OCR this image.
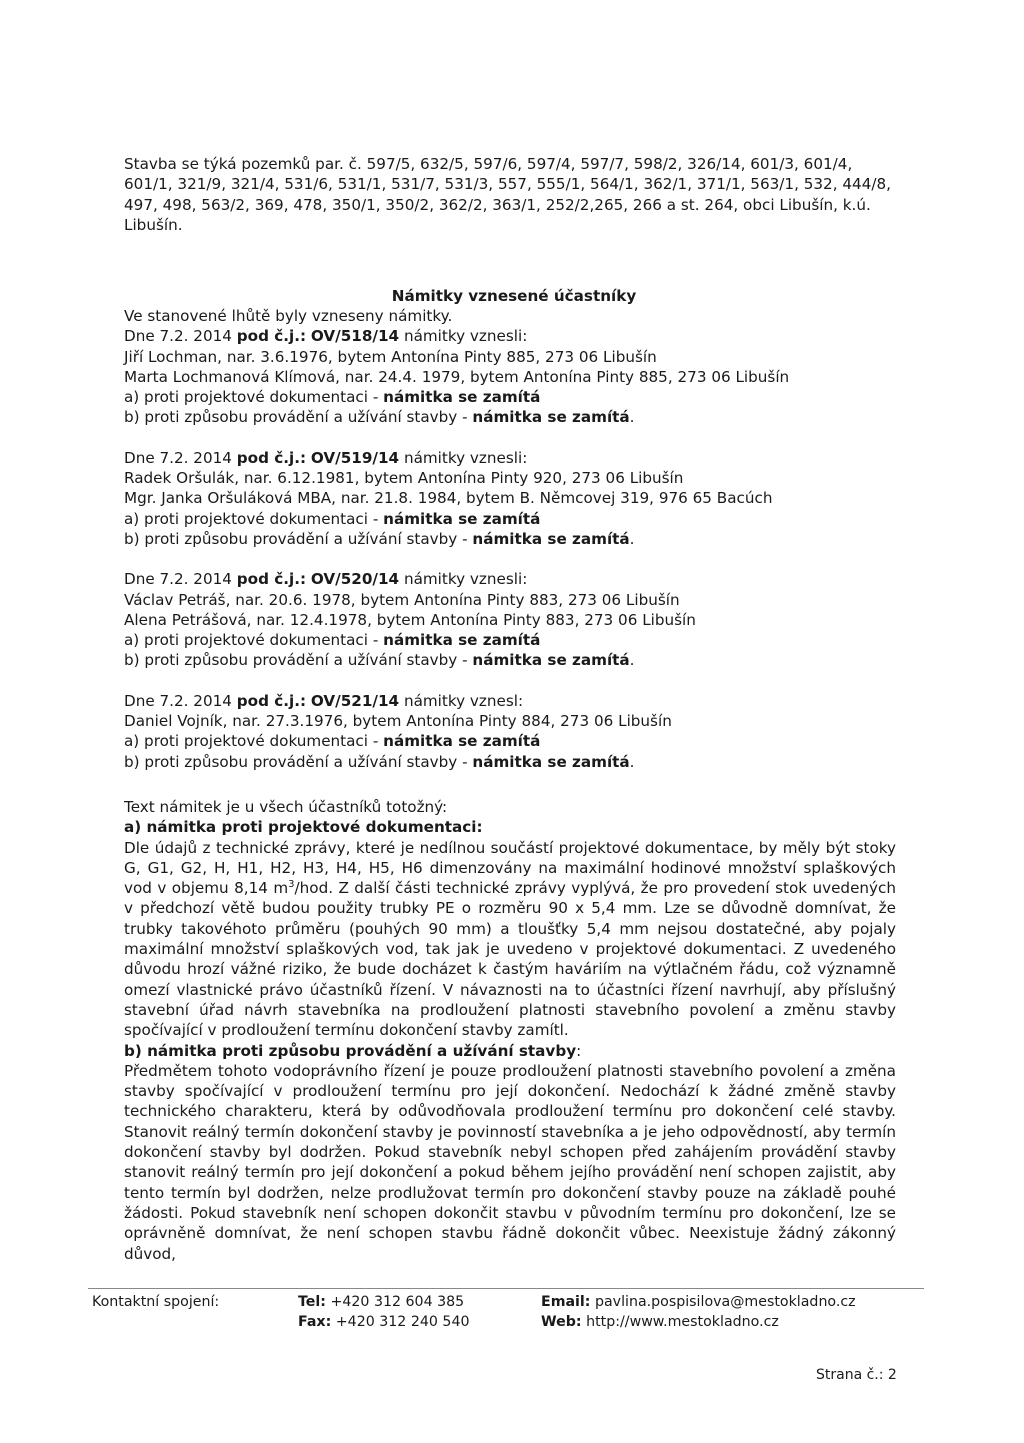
Stavba se týká pozemků par. č. 597/5, 632/5, 597/6, 597/4, 597/7, 598/2, 326/14, 601/3, 601/4, 601/1, 321/9, 321/4, 531/6, 531/1, 531/7, 531/3, 557, 555/1, 564/1, 362/1, 371/1, 563/1, 532, 444/8, 497, 498, 563/2, 369, 478, 350/1, 350/2, 362/2, 363/1, 252/2,265, 266 a st. 264, obci Libušín, k.ú. Libušín.
Námitky vznesené účastníky
Ve stanovené lhůtě byly vzneseny námitky.
Dne 7.2. 2014 pod č.j.: OV/518/14 námitky vznesli:
Jiří Lochman, nar. 3.6.1976, bytem Antonína Pinty 885, 273 06 Libušín
Marta Lochmanová Klímová, nar. 24.4. 1979, bytem Antonína Pinty 885, 273 06 Libušín
a) proti projektové dokumentaci - námitka se zamítá
b) proti způsobu provádění a užívání stavby - námitka se zamítá.
Dne 7.2. 2014 pod č.j.: OV/519/14 námitky vznesli:
Radek Oršulák, nar. 6.12.1981, bytem Antonína Pinty 920, 273 06 Libušín
Mgr. Janka Oršuláková MBA, nar. 21.8. 1984, bytem B. Němcovej 319, 976 65 Bacúch
a) proti projektové dokumentaci - námitka se zamítá
b) proti způsobu provádění a užívání stavby - námitka se zamítá.
Dne 7.2. 2014 pod č.j.: OV/520/14 námitky vznesli:
Václav Petráš, nar. 20.6. 1978, bytem Antonína Pinty 883, 273 06 Libušín
Alena Petrášová, nar. 12.4.1978, bytem Antonína Pinty 883, 273 06 Libušín
a) proti projektové dokumentaci - námitka se zamítá
b) proti způsobu provádění a užívání stavby - námitka se zamítá.
Dne 7.2. 2014 pod č.j.: OV/521/14 námitky vznesl:
Daniel Vojník, nar. 27.3.1976, bytem Antonína Pinty 884, 273 06 Libušín
a) proti projektové dokumentaci - námitka se zamítá
b) proti způsobu provádění a užívání stavby - námitka se zamítá.

Text námitek je u všech účastníků totožný:

a) námitka proti projektové dokumentaci:

Dle údajů z technické zprávy, které je nedílnou součástí projektové dokumentace, by měly být stoky G, G1, G2, H, H1, H2, H3, H4, H5, H6 dimenzovány na maximální hodinové množství splaškových vod v objemu 8,14 $m^3$/hod. Z další části technické zprávy vyplývá, že pro provedení stok uvedených v předchozí větě budou použity trubky PE o rozměru 90 x 5,4 mm. Lze se důvodně domnívat, že trubky takovéhoto průměru (pouhých 90 mm) a tloušťky 5,4 mm nejsou dostatečné, aby pojaly maximální množství splaškových vod, tak jak je uvedeno v projektové dokumentaci. Z uvedeného důvodu hrozí vážné riziko, že bude docházet k častým haváriím na výtlačném řádu, což významně omezí vlastnické právo účastníků řízení. V návaznosti na to účastníci řízení navrhují, aby příslušný stavební úřad návrh stavebníka na prodloužení platnosti stavebního povolení a změnu stavby spočívající v prodloužení termínu dokončení stavby zamítl.

b) námitka proti způsobu provádění a užívání stavby:

Předmětem tohoto vodoprávního řízení je pouze prodloužení platnosti stavebního povolení a změna stavby spočívající v prodloužení termínu pro její dokončení. Nedochází k žádné změně stavby technického charakteru, která by odůvodňovala prodloužení termínu pro dokončení celé stavby. Stanovit reálný termín dokončení stavby je povinností stavebníka a je jeho odpovědností, aby termín dokončení stavby byl dodržen. Pokud stavebník nebyl schopen před zahájením provádění stavby stanovit reálný termín pro její dokončení a pokud během jejího provádění není schopen zajistit, aby tento termín byl dodržen, nelze prodlužovat termín pro dokončení stavby pouze na základě pouhé žádosti. Pokud stavebník není schopen dokončit stavbu v původním termínu pro dokončení, lze se oprávněně domnívat, že není schopen stavbu řádně dokončit vůbec. Neexistuje žádný zákonný důvod,

Kontaktní spojení:	Tel: +420 312 604 385
Fax: +420 312 240 540
Email: pavlina.pospisilova@mestokladno.cz
Web: http://www.mestokladno.cz
Strana č.: 2
